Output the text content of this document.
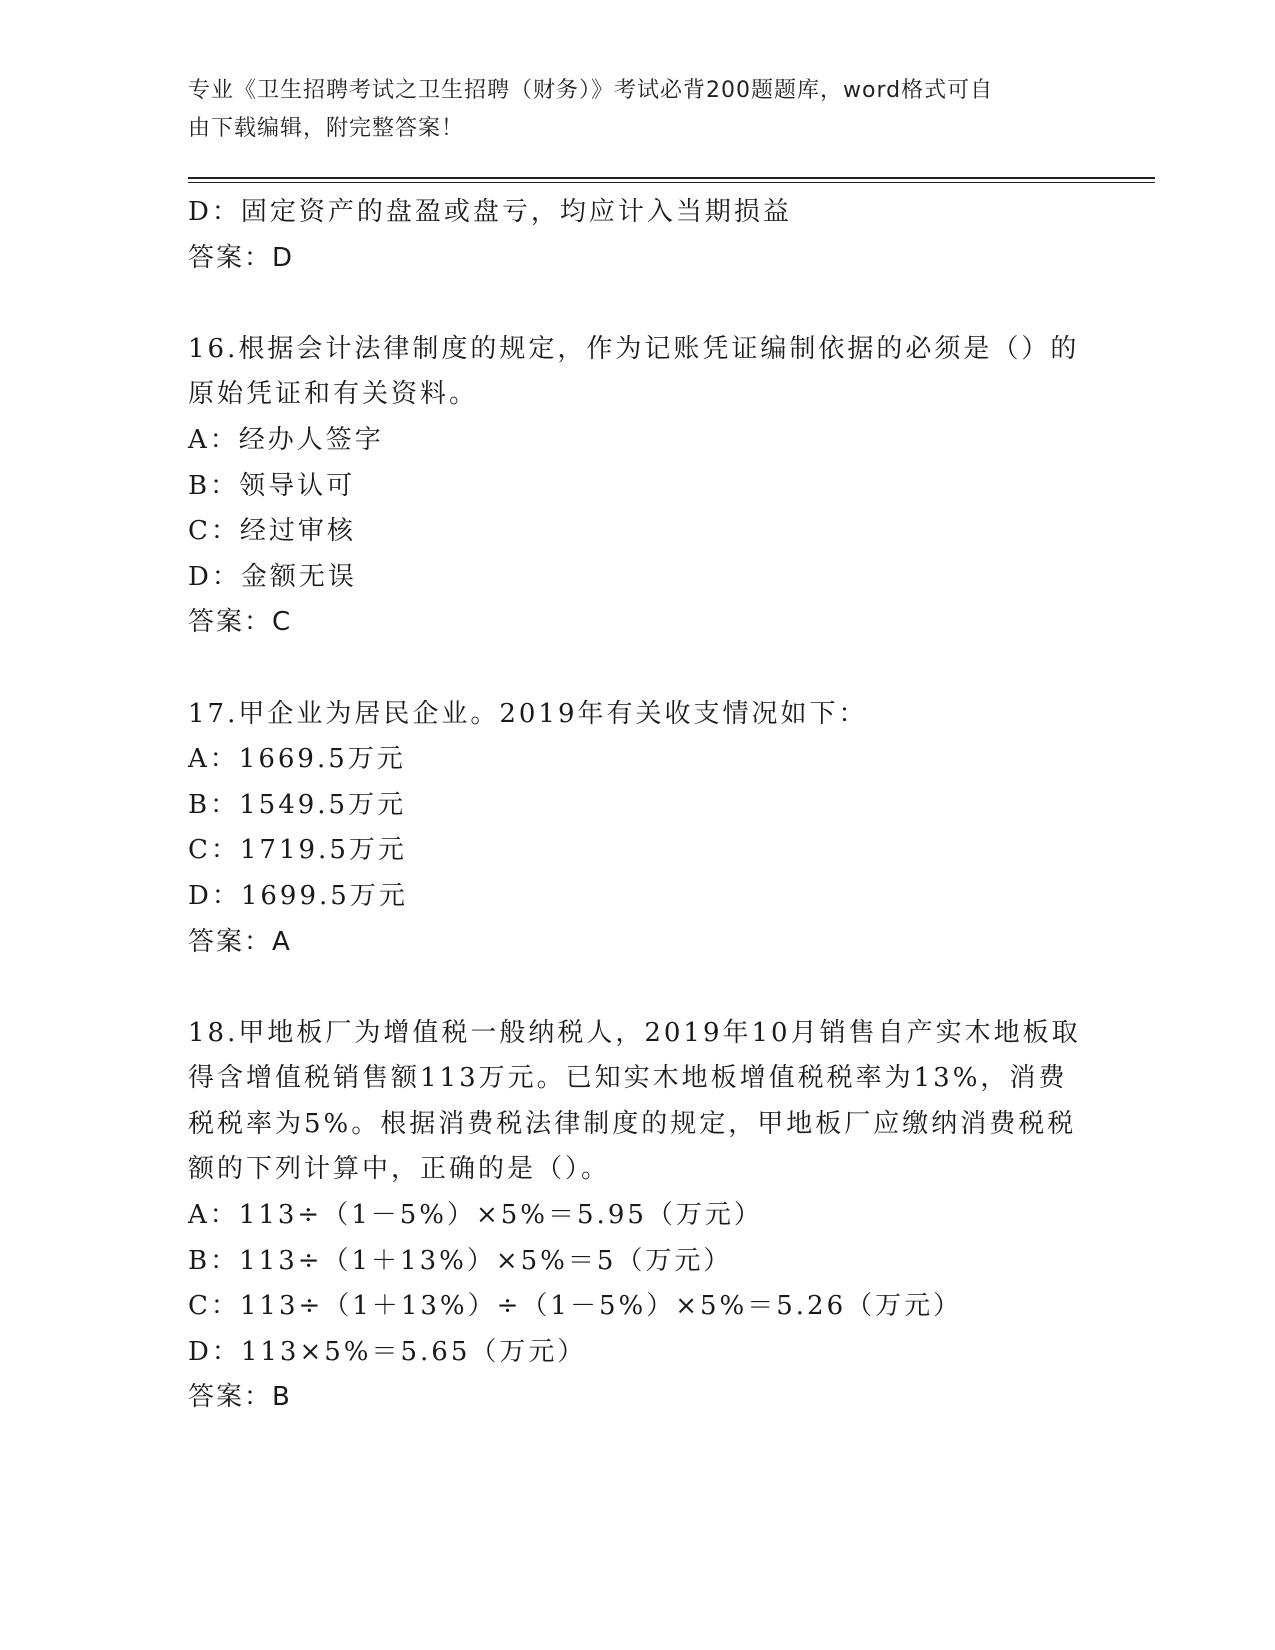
专业《卫生招聘考试之卫生招聘（财务）》考试必背200题题库，word格式可自
由下载编辑，附完整答案！
D：固定资产的盘盈或盘亏，均应计入当期损益
答案：D
16.根据会计法律制度的规定，作为记账凭证编制依据的必须是（）的
原始凭证和有关资料。
A：经办人签字
B：领导认可
C：经过审核
D：金额无误
答案：C
17.甲企业为居民企业。2019年有关收支情况如下：
A：1669.5万元
B：1549.5万元
C：1719.5万元
D：1699.5万元
答案：A
18.甲地板厂为增值税一般纳税人，2019年10月销售自产实木地板取
得含增值税销售额113万元。已知实木地板增值税税率为13%，消费
税税率为5%。根据消费税法律制度的规定，甲地板厂应缴纳消费税税
额的下列计算中，正确的是（）。
A：113÷（1－5%）×5%＝5.95（万元）
B：113÷（1＋13%）×5%＝5（万元）
C：113÷（1＋13%）÷（1－5%）×5%＝5.26（万元）
D：113×5%＝5.65（万元）
答案：B
